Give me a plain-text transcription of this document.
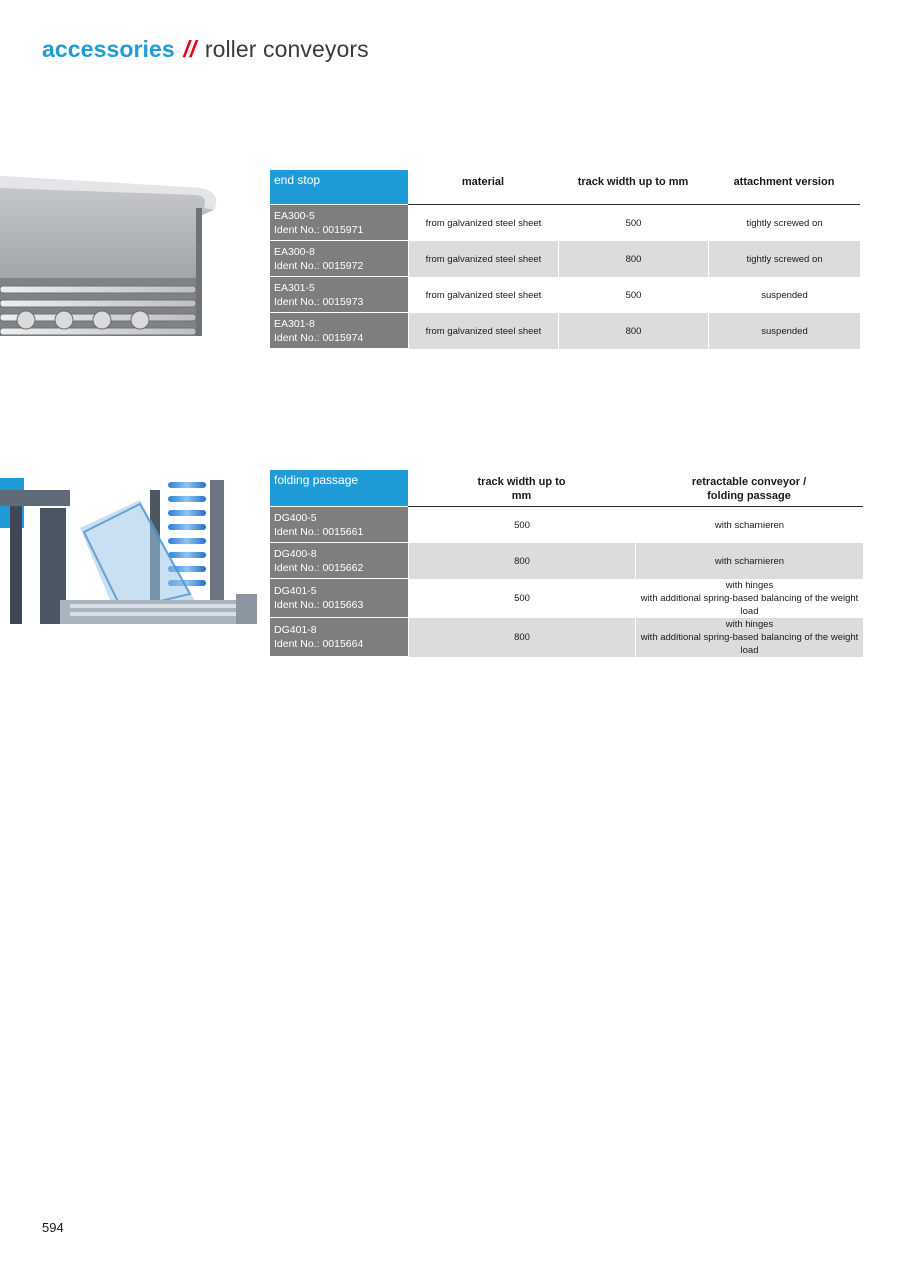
accessories // roller conveyors
end stop	material	track width up to mm	attachment version
EA300-5
Ident No.: 0015971	from galvanized steel sheet	500	tightly screwed on
EA300-8
Ident No.: 0015972	from galvanized steel sheet	800	tightly screwed on
EA301-5
Ident No.: 0015973	from galvanized steel sheet	500	suspended
EA301-8
Ident No.: 0015974	from galvanized steel sheet	800	suspended
folding passage	track width up to mm	retractable conveyor / folding passage
DG400-5
Ident No.: 0015661	500	with scharnieren
DG400-8
Ident No.: 0015662	800	with scharnieren
DG401-5
Ident No.: 0015663	500	with hinges
with additional spring-based balancing of the weight load
DG401-8
Ident No.: 0015664	800	with hinges
with additional spring-based balancing of the weight load
594
